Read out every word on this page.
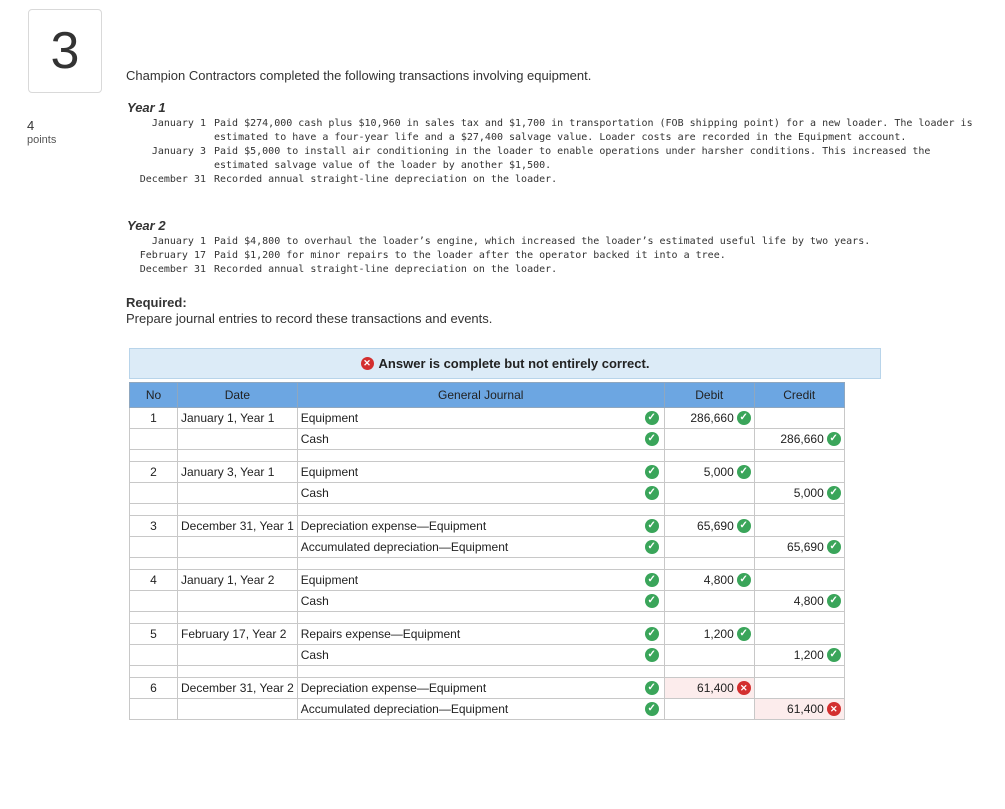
3
4
points
Champion Contractors completed the following transactions involving equipment.
Year 1
January 1 Paid $274,000 cash plus $10,960 in sales tax and $1,700 in transportation (FOB shipping point) for a new loader. The loader is estimated to have a four-year life and a $27,400 salvage value. Loader costs are recorded in the Equipment account.
January 3 Paid $5,000 to install air conditioning in the loader to enable operations under harsher conditions. This increased the estimated salvage value of the loader by another $1,500.
December 31 Recorded annual straight-line depreciation on the loader.
Year 2
January 1 Paid $4,800 to overhaul the loader’s engine, which increased the loader’s estimated useful life by two years.
February 17 Paid $1,200 for minor repairs to the loader after the operator backed it into a tree.
December 31 Recorded annual straight-line depreciation on the loader.
Required:
Prepare journal entries to record these transactions and events.
✕ Answer is complete but not entirely correct.
No	Date	General Journal	Debit	Credit
1	January 1, Year 1	Equipment ✓	286,660 ✓	
		Cash ✓		286,660 ✓

2	January 3, Year 1	Equipment ✓	5,000 ✓	
		Cash ✓		5,000 ✓

3	December 31, Year 1	Depreciation expense—Equipment ✓	65,690 ✓	
		Accumulated depreciation—Equipment ✓		65,690 ✓

4	January 1, Year 2	Equipment ✓	4,800 ✓	
		Cash ✓		4,800 ✓

5	February 17, Year 2	Repairs expense—Equipment ✓	1,200 ✓	
		Cash ✓		1,200 ✓

6	December 31, Year 2	Depreciation expense—Equipment ✓	61,400 ✕	
		Accumulated depreciation—Equipment ✓		61,400 ✕
